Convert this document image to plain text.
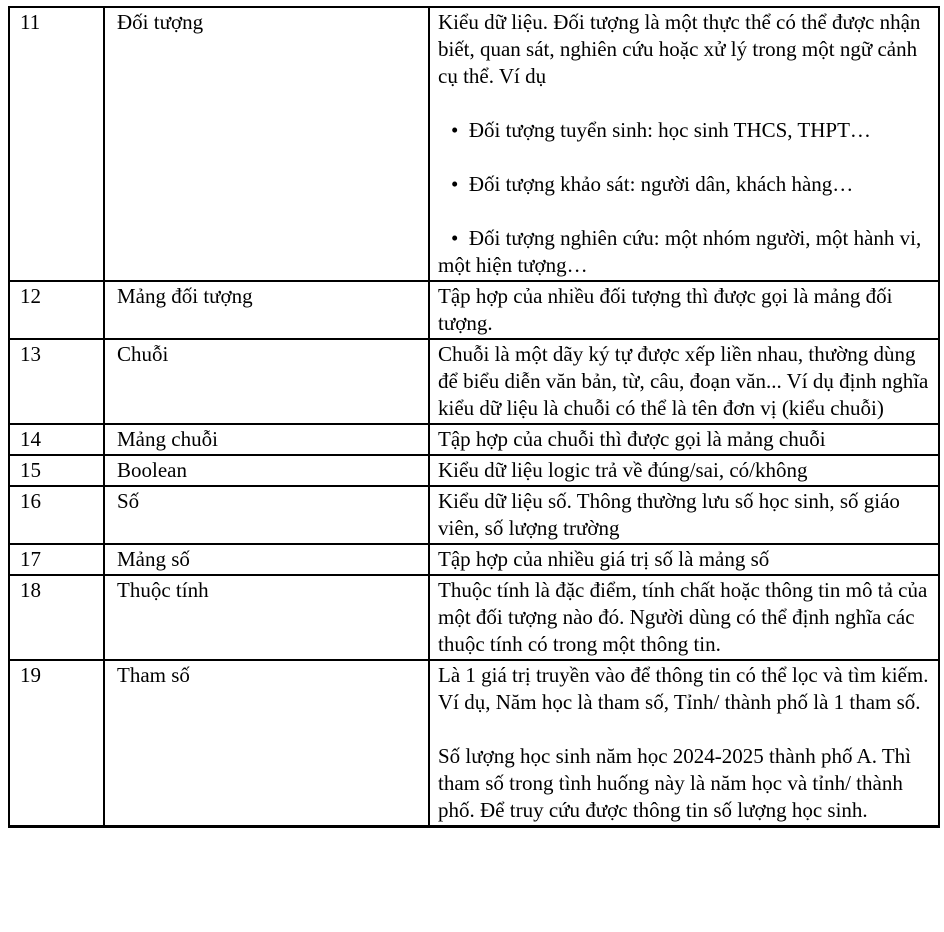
11	Đối tượng	Kiểu dữ liệu. Đối tượng là một thực thể có thể được nhận biết, quan sát, nghiên cứu hoặc xử lý trong một ngữ cảnh cụ thể. Ví dụ
•  Đối tượng tuyển sinh: học sinh THCS, THPT…
•  Đối tượng khảo sát: người dân, khách hàng…
•  Đối tượng nghiên cứu: một nhóm người, một hành vi, một hiện tượng…

12	Mảng đối tượng	Tập hợp của nhiều đối tượng thì được gọi là mảng đối tượng.

13	Chuỗi	Chuỗi là một dãy ký tự được xếp liền nhau, thường dùng để biểu diễn văn bản, từ, câu, đoạn văn... Ví dụ định nghĩa kiểu dữ liệu là chuỗi có thể là tên đơn vị (kiểu chuỗi)

14	Mảng chuỗi	Tập hợp của chuỗi thì được gọi là mảng chuỗi

15	Boolean	Kiểu dữ liệu logic trả về đúng/sai, có/không

16	Số	Kiểu dữ liệu số. Thông thường lưu số học sinh, số giáo viên, số lượng trường

17	Mảng số	Tập hợp của nhiều giá trị số là mảng số

18	Thuộc tính	Thuộc tính là đặc điểm, tính chất hoặc thông tin mô tả của một đối tượng nào đó. Người dùng có thể định nghĩa các thuộc tính có trong một thông tin.

19	Tham số	Là 1 giá trị truyền vào để thông tin có thể lọc và tìm kiếm. Ví dụ, Năm học là tham số, Tỉnh/ thành phố là 1 tham số.
Số lượng học sinh năm học 2024-2025 thành phố A. Thì tham số trong tình huống này là năm học và tỉnh/ thành phố. Để truy cứu được thông tin số lượng học sinh.
